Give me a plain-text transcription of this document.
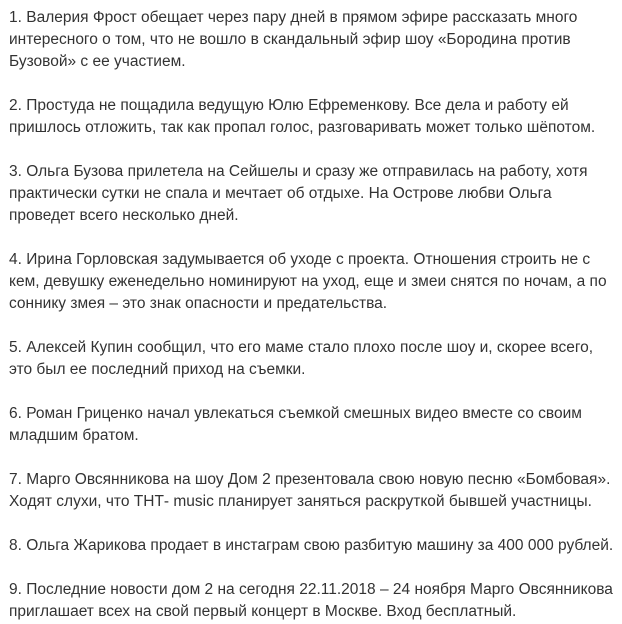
1. Валерия Фрост обещает через пару дней в прямом эфире рассказать много интересного о том, что не вошло в скандальный эфир шоу «Бородина против Бузовой» с ее участием.

2. Простуда не пощадила ведущую Юлю Ефременкову. Все дела и работу ей пришлось отложить, так как пропал голос, разговаривать может только шёпотом.

3. Ольга Бузова прилетела на Сейшелы и сразу же отправилась на работу, хотя практически сутки не спала и мечтает об отдыхе. На Острове любви Ольга проведет всего несколько дней.

4. Ирина Горловская задумывается об уходе с проекта. Отношения строить не с кем, девушку еженедельно номинируют на уход, еще и змеи снятся по ночам, а по соннику змея – это знак опасности и предательства.

5. Алексей Купин сообщил, что его маме стало плохо после шоу и, скорее всего, это был ее последний приход на съемки.

6. Роман Гриценко начал увлекаться съемкой смешных видео вместе со своим младшим братом.

7. Марго Овсянникова на шоу Дом 2 презентовала свою новую песню «Бомбовая». Ходят слухи, что ТНТ- music планирует заняться раскруткой бывшей участницы.

8. Ольга Жарикова продает в инстаграм свою разбитую машину за 400 000 рублей.

9. Последние новости дом 2 на сегодня 22.11.2018 – 24 ноября Марго Овсянникова приглашает всех на свой первый концерт в Москве. Вход бесплатный.
